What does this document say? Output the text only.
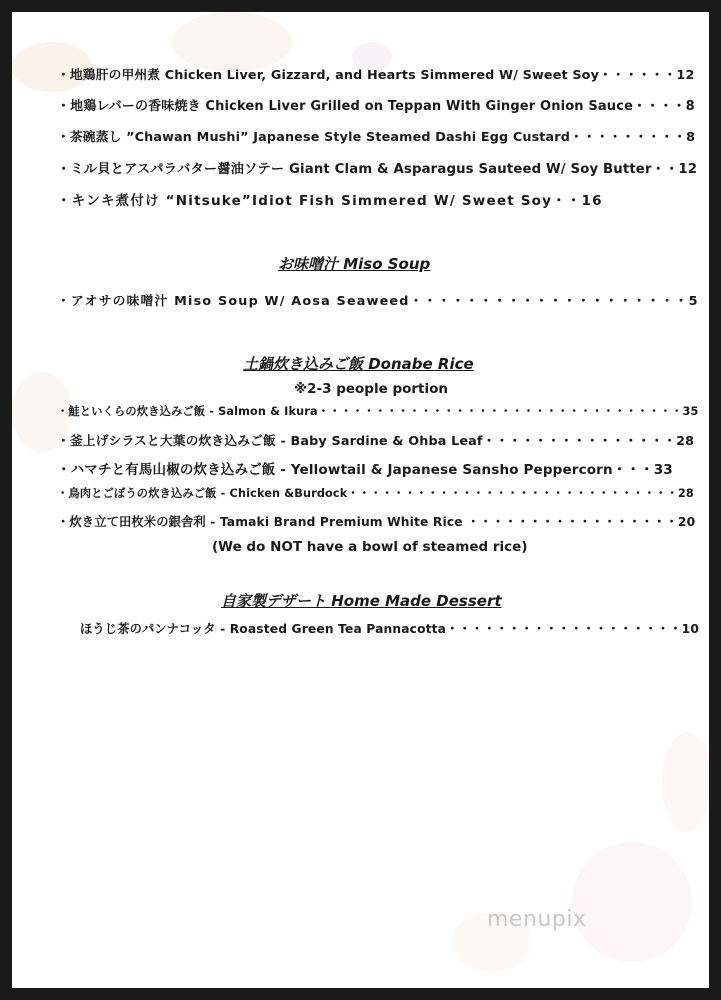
・地鶏肝の甲州煮 Chicken Liver, Gizzard, and Hearts Simmered W/ Sweet Soy・・・・・・12
・地鶏レバーの香味焼き Chicken Liver Grilled on Teppan With Ginger Onion Sauce・・・・8
・茶碗蒸し ”Chawan Mushi” Japanese Style Steamed Dashi Egg Custard・・・・・・・・・8
・ミル貝とアスパラバター醤油ソテー Giant Clam & Asparagus Sauteed W/ Soy Butter・・12
・キンキ煮付け “Nitsuke”Idiot Fish Simmered W/ Sweet Soy・・16
お味噌汁 Miso Soup
・アオサの味噌汁 Miso Soup W/ Aosa Seaweed・・・・・・・・・・・・・・・・・・・・5
土鍋炊き込みご飯 Donabe Rice
※2-3 people portion
・鮭といくらの炊き込みご飯 - Salmon & Ikura・・・・・・・・・・・・・・・・・・・・・・・・・・・・・・・・35
・釜上げシラスと大葉の炊き込みご飯 - Baby Sardine & Ohba Leaf・・・・・・・・・・・・・・・28
・ハマチと有馬山椒の炊き込みご飯 - Yellowtail & Japanese Sansho Peppercorn・・・33
・鳥肉とごぼうの炊き込みご飯 - Chicken &Burdock・・・・・・・・・・・・・・・・・・・・・・・・・・・・・28
・炊き立て田枚米の銀舎利 - Tamaki Brand Premium White Rice ・・・・・・・・・・・・・・・・・20
(We do NOT have a bowl of steamed rice)
自家製デザート Home Made Dessert
ほうじ茶のパンナコッタ - Roasted Green Tea Pannacotta・・・・・・・・・・・・・・・・・・・10
menupix
